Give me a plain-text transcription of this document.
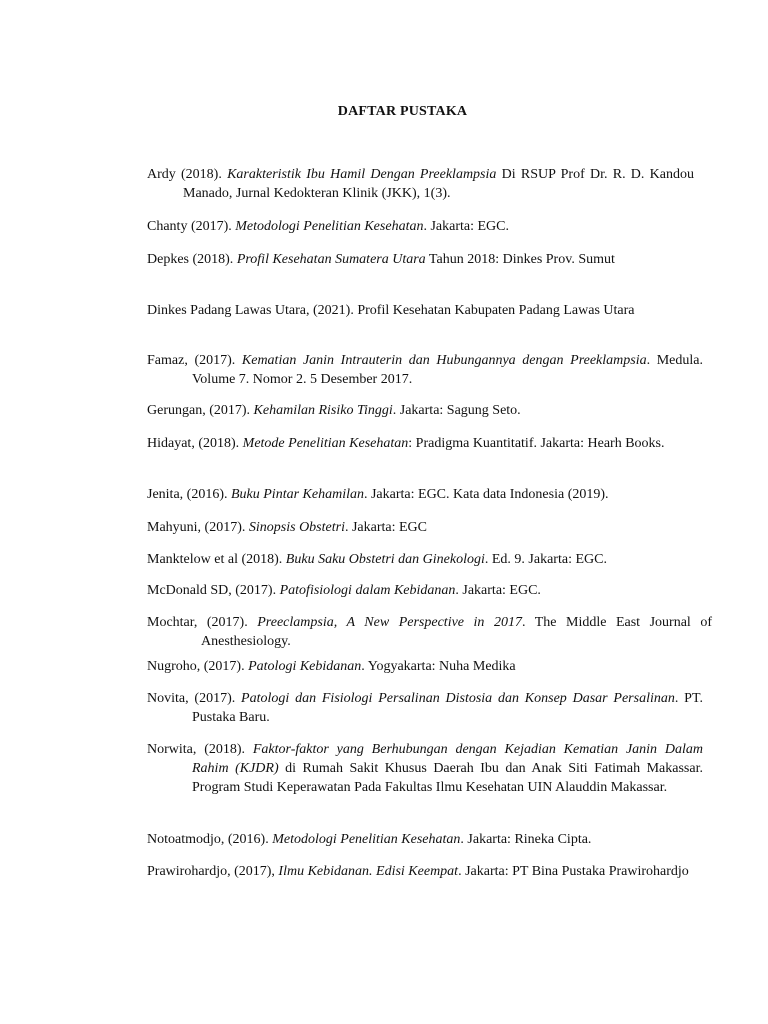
DAFTAR PUSTAKA
Ardy (2018). Karakteristik Ibu Hamil Dengan Preeklampsia Di RSUP Prof Dr. R. D. Kandou Manado, Jurnal Kedokteran Klinik (JKK), 1(3).
Chanty (2017). Metodologi Penelitian Kesehatan. Jakarta: EGC.
Depkes (2018). Profil Kesehatan Sumatera Utara Tahun 2018: Dinkes Prov. Sumut
Dinkes Padang Lawas Utara, (2021). Profil Kesehatan Kabupaten Padang Lawas Utara
Famaz, (2017). Kematian Janin Intrauterin dan Hubungannya dengan Preeklampsia. Medula. Volume 7. Nomor 2. 5 Desember 2017.
Gerungan, (2017). Kehamilan Risiko Tinggi. Jakarta: Sagung Seto.
Hidayat, (2018). Metode Penelitian Kesehatan: Pradigma Kuantitatif. Jakarta: Hearh Books.
Jenita, (2016). Buku Pintar Kehamilan. Jakarta: EGC. Kata data Indonesia (2019).
Mahyuni, (2017). Sinopsis Obstetri. Jakarta: EGC
Manktelow et al (2018). Buku Saku Obstetri dan Ginekologi. Ed. 9. Jakarta: EGC.
McDonald SD, (2017). Patofisiologi dalam Kebidanan. Jakarta: EGC.
Mochtar, (2017). Preeclampsia, A New Perspective in 2017. The Middle East Journal of Anesthesiology.
Nugroho, (2017). Patologi Kebidanan. Yogyakarta: Nuha Medika
Novita, (2017). Patologi dan Fisiologi Persalinan Distosia dan Konsep Dasar Persalinan. PT. Pustaka Baru.
Norwita, (2018). Faktor-faktor yang Berhubungan dengan Kejadian Kematian Janin Dalam Rahim (KJDR) di Rumah Sakit Khusus Daerah Ibu dan Anak Siti Fatimah Makassar. Program Studi Keperawatan Pada Fakultas Ilmu Kesehatan UIN Alauddin Makassar.
Notoatmodjo, (2016). Metodologi Penelitian Kesehatan. Jakarta: Rineka Cipta.
Prawirohardjo, (2017), Ilmu Kebidanan. Edisi Keempat. Jakarta: PT Bina Pustaka Prawirohardjo
